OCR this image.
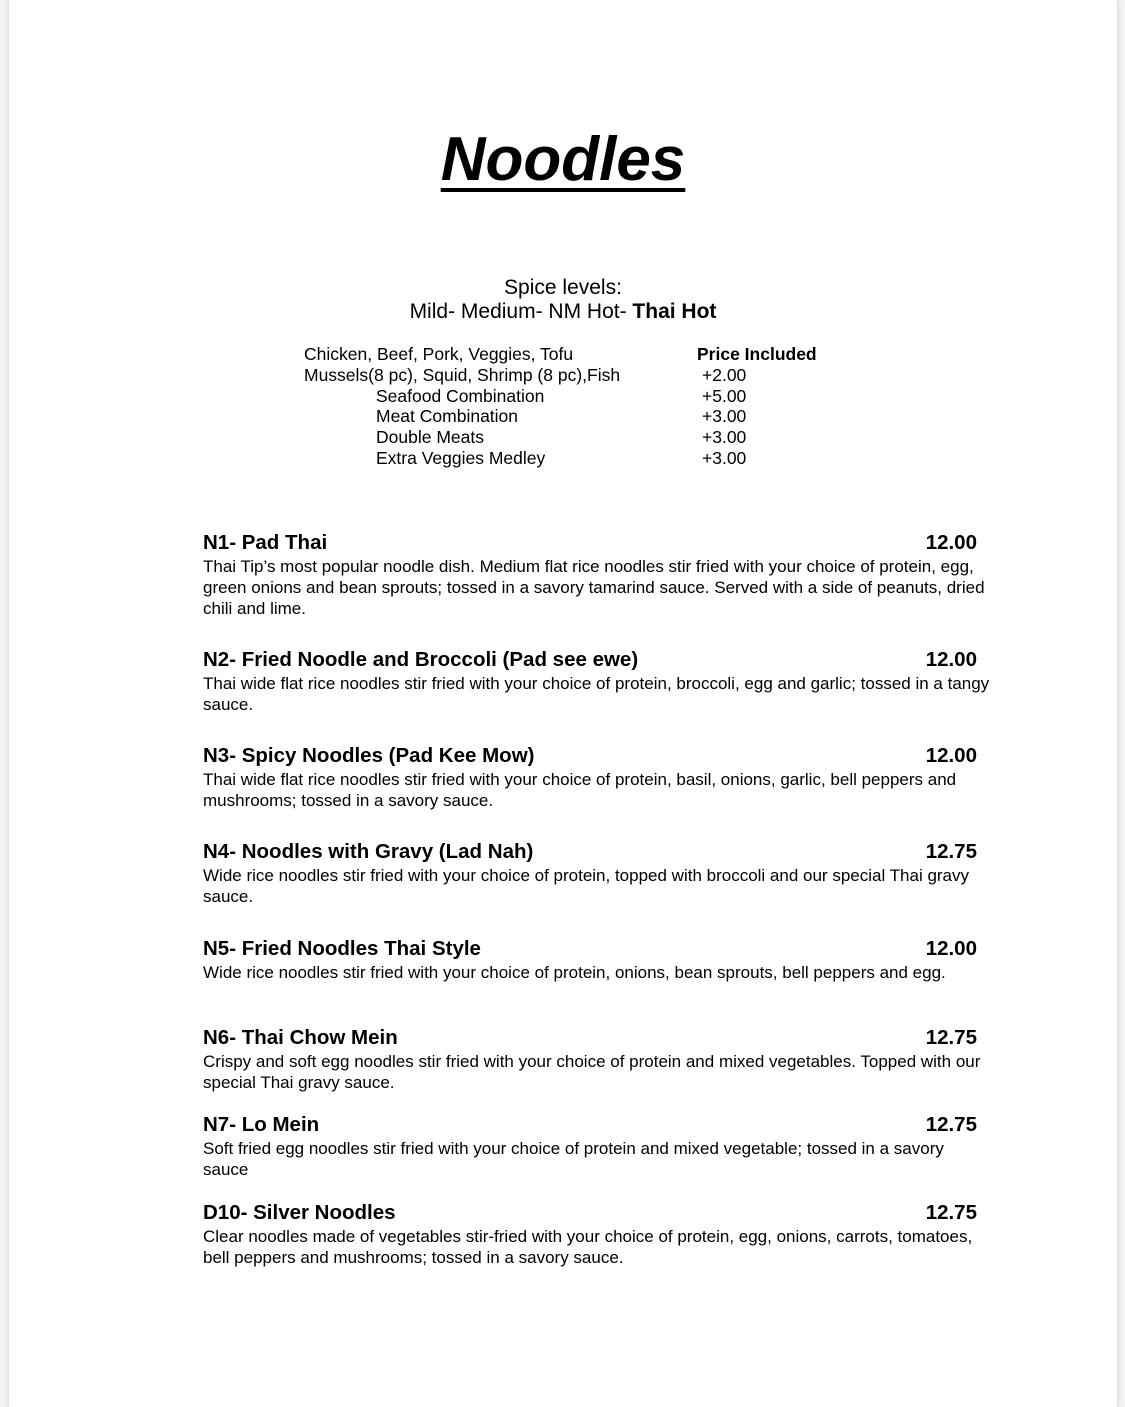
Noodles
Spice levels:
Mild- Medium- NM Hot- Thai Hot
Chicken, Beef, Pork, Veggies, Tofu	Price Included
Mussels(8 pc), Squid, Shrimp (8 pc),Fish	+2.00
Seafood Combination	+5.00
Meat Combination	+3.00
Double Meats	+3.00
Extra Veggies Medley	+3.00
N1- Pad Thai	12.00
Thai Tip’s most popular noodle dish. Medium flat rice noodles stir fried with your choice of protein, egg, green onions and bean sprouts; tossed in a savory tamarind sauce. Served with a side of peanuts, dried chili and lime.
N2- Fried Noodle and Broccoli (Pad see ewe)	12.00
Thai wide flat rice noodles stir fried with your choice of protein, broccoli, egg and garlic; tossed in a tangy sauce.
N3- Spicy Noodles (Pad Kee Mow)	12.00
Thai wide flat rice noodles stir fried with your choice of protein, basil, onions, garlic, bell peppers and mushrooms; tossed in a savory sauce.
N4- Noodles with Gravy (Lad Nah)	12.75
Wide rice noodles stir fried with your choice of protein, topped with broccoli and our special Thai gravy sauce.
N5- Fried Noodles Thai Style	12.00
Wide rice noodles stir fried with your choice of protein, onions, bean sprouts, bell peppers and egg.
N6- Thai Chow Mein	12.75
Crispy and soft egg noodles stir fried with your choice of protein and mixed vegetables. Topped with our special Thai gravy sauce.
N7- Lo Mein	12.75
Soft fried egg noodles stir fried with your choice of protein and mixed vegetable; tossed in a savory sauce
D10- Silver Noodles	12.75
Clear noodles made of vegetables stir-fried with your choice of protein, egg, onions, carrots, tomatoes, bell peppers and mushrooms; tossed in a savory sauce.
